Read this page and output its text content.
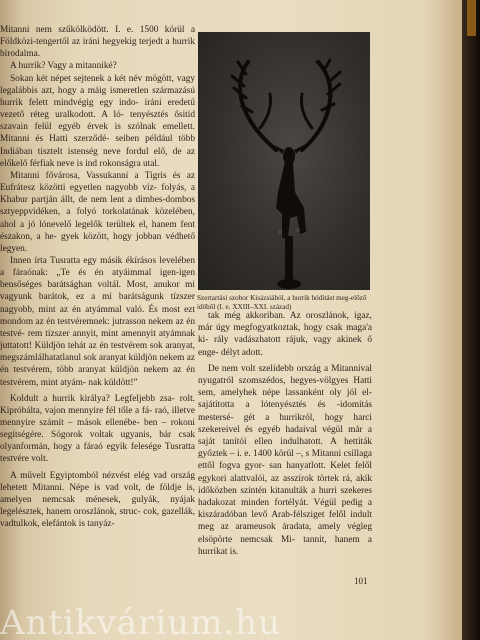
Mitanni nem szűkölködött. I. e. 1500 körül a Földközi-tengertől az iráni hegyekig terjedt a hurrik birodalma.

A hurrik? Vagy a mitanniké?

Sokan két népet sejtenek a két név mögött, vagy legalábbis azt, hogy a máig ismeretlen származású hurrik felett mindvégig egy indo- iráni eredetű vezető réteg uralkodott. A ló- tenyésztés ősitid szavain felül egyéb érvek is szólnak emellett. Mitanni és Hatti szerződé- seiben például több Indiában tisztelt istenség neve fordul elő, de az előkelő férfiak neve is ind rokonságra utal.

Mitanni fővárosa, Vassukanni a Tigris és az Eufrátesz közötti egyetlen nagyobb víz- folyás, a Khabur partján állt, de nem lent a dimbes-dombos sztyeppvidéken, a folyó torkolatának közelében, ahol a jó lónevelő legelők terültek el, hanem fent északon, a he- gyek között, hogy jobban védhető legyen.

Innen írta Tusratta egy másik ékírásos levelében a fáraónak: „Te és én atyáimmal igen-igen bensőséges barátsághan voltál. Most, anukor mi vagyunk barátok, ez a mi barátságunk tízszer nagyobb, mint az én atyámmal való. És most ezt mondom az én testvéremnek: jutrasson nekem az én testvé- rem tízszer annyit, mint amennyit atyámnak juttatott! Küldjön tehát az én testvérem sok aranyat, megszámlálhatatlanul sok aranyat küldjön nekem az én testvérem, több aranyat küldjön nekem az én testvérem, mint atyám- nak küldött!”

Koldult a hurrik királya? Legfeljebb zsa- rolt. Kipróbálta, vajon mennyire fél tőle a fá- raó, illetve mennyire számít – mások ellenébe- ben – rokoni segítségére. Sógorok voltak ugyanis, bár csak olyanformán, hogy a fáraó egyik felesége Tusratta testvére volt.

A művelt Egyiptomból nézvést elég vad ország lehetett Mitanni. Népe is vad volt, de földje is, amelyen nemcsak ménesek, gulyák, nyájak legelésztek, hanem oroszlánok, struc- cok, gazellák, vadtulkok, elefántok is tanyáz-

Szertartási szobor Kisázsiából, a hurrik hódítást meg-előző időből (I. e. XXIII–XXI. század)

tak még akkoriban. Az oroszlánok, igaz, már úgy megfogyatkoztak, hogy csak maga'a ki- rály vadászhatott rájuk, vagy akinek ő enge- délyt adott.

De nem volt szelídebb ország a Mitannival nyugatról szomszédos, hegyes-völgyes Hatti sem, amelyhek népe lassanként oly jól el- sajátította a lótenyésztés és -idomítás mestersé- gét a hurrikról, hogy harci szekereivel és egyéb hadaival végül már a saját tanítói ellen indulhatott. A hettiták győztek – i. e. 1400 körül –, s Mitanni csillaga ettől fogva gyor- san hanyatlott. Kelet felől egykori alattvalói, az asszírok törtek rá, akik időközben szintén kitanulták a hurri szekeres hadakozat minden fortélyát. Végül pedig a kiszáradóban levő Arab-félsziget felől indult meg az arameusok áradata, amely végleg elsöpörte nemcsak Mi- tannit, hanem a hurrikat is.

101
Antikvárium.hu
